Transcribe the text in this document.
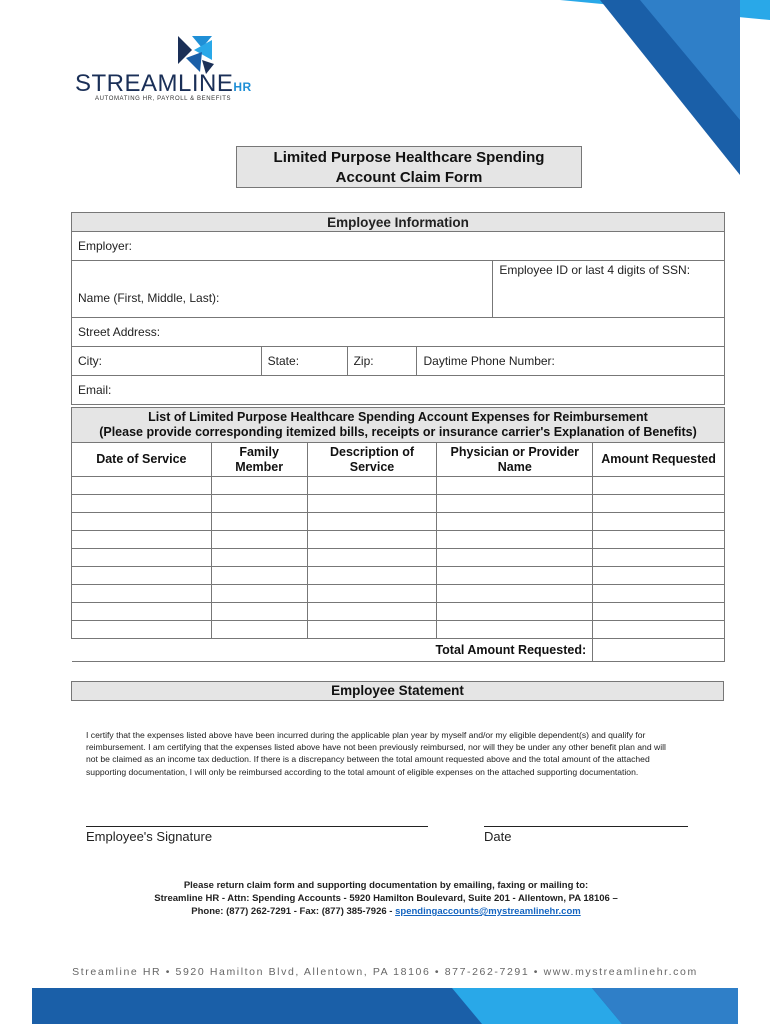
STREAMLINEHR
AUTOMATING HR, PAYROLL & BENEFITS
Limited Purpose Healthcare Spending
Account Claim Form
Employee Information				
Employer:				
Name (First, Middle, Last):				Employee ID or last 4 digits of SSN:
Street Address:				
City:	State:	Zip:	Daytime Phone Number:	
Email:				
List of Limited Purpose Healthcare Spending Account Expenses for Reimbursement
(Please provide corresponding itemized bills, receipts or insurance carrier's Explanation of Benefits)				

Date of Service	Family Member	Description of Service	Physician or Provider Name	Amount Requested

Total Amount Requested:				
Employee Statement
I certify that the expenses listed above have been incurred during the applicable plan year by myself and/or my eligible dependent(s) and qualify for reimbursement. I am certifying that the expenses listed above have not been previously reimbursed, nor will they be under any other benefit plan and will not be claimed as an income tax deduction. If there is a discrepancy between the total amount requested above and the total amount of the attached supporting documentation, I will only be reimbursed according to the total amount of eligible expenses on the attached supporting documentation.
Employee's Signature	Date
Please return claim form and supporting documentation by emailing, faxing or mailing to:
Streamline HR - Attn: Spending Accounts - 5920 Hamilton Boulevard, Suite 201 - Allentown, PA 18106 –
Phone: (877) 262-7291 - Fax: (877) 385-7926 - spendingaccounts@mystreamlinehr.com
Streamline HR • 5920 Hamilton Blvd, Allentown, PA 18106 • 877-262-7291 • www.mystreamlinehr.com
